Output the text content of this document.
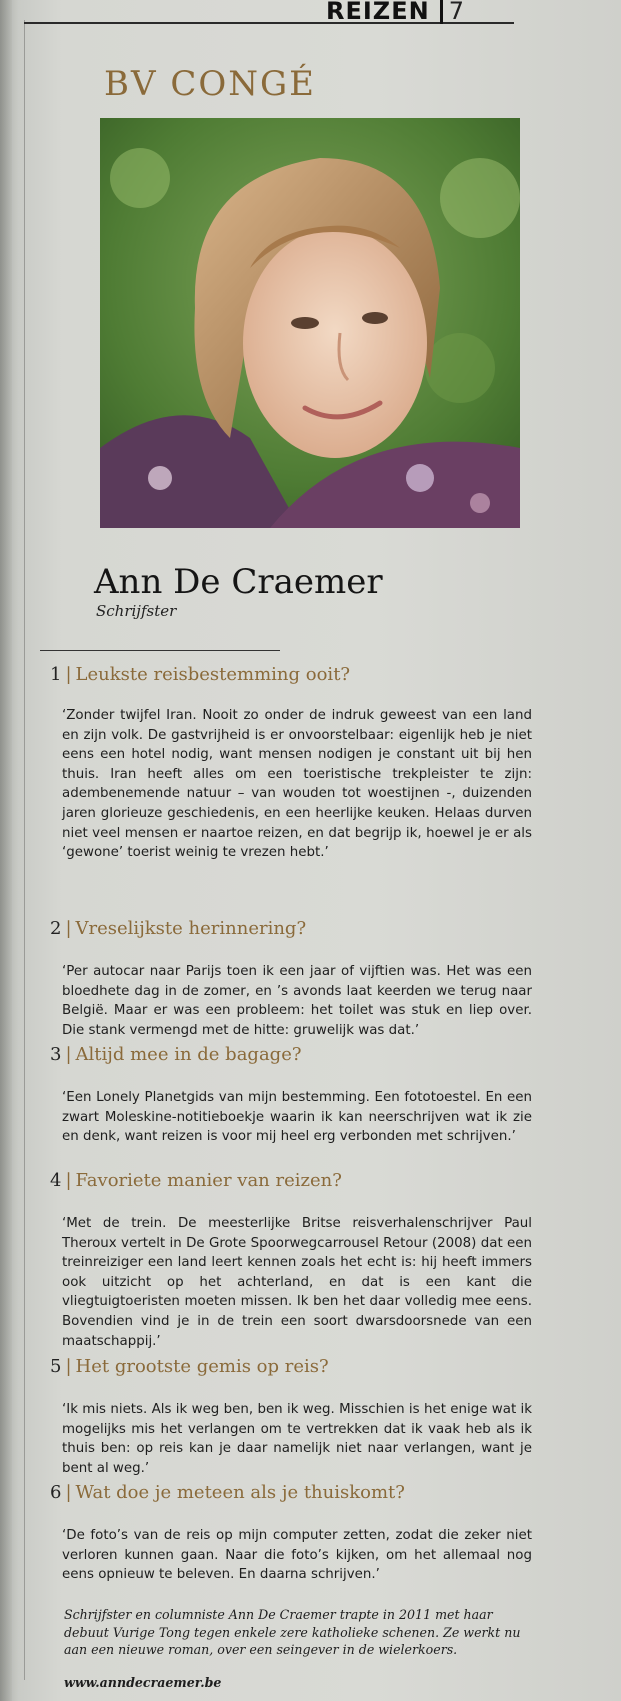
REIZEN 7
BV CONGÉ
Ann De Craemer
Schrijfster
1 | Leukste reisbestemming ooit?

‘Zonder twijfel Iran. Nooit zo onder de indruk geweest van een land en zijn volk. De gastvrijheid is er onvoorstelbaar: eigenlijk heb je niet eens een hotel nodig, want mensen nodigen je constant uit bij hen thuis. Iran heeft alles om een toeristische trekpleister te zijn: adembenemende natuur – van wouden tot woestijnen -, duizenden jaren glorieuze geschiedenis, en een heerlijke keuken. Helaas durven niet veel mensen er naartoe reizen, en dat begrijp ik, hoewel je er als ‘gewone’ toerist weinig te vrezen hebt.’

2 | Vreselijkste herinnering?

‘Per autocar naar Parijs toen ik een jaar of vijftien was. Het was een bloedhete dag in de zomer, en ’s avonds laat keerden we terug naar België. Maar er was een probleem: het toilet was stuk en liep over. Die stank vermengd met de hitte: gruwelijk was dat.’

3 | Altijd mee in de bagage?

‘Een Lonely Planetgids van mijn bestemming. Een fototoestel. En een zwart Moleskine-notitieboekje waarin ik kan neerschrijven wat ik zie en denk, want reizen is voor mij heel erg verbonden met schrijven.’

4 | Favoriete manier van reizen?

‘Met de trein. De meesterlijke Britse reisverhalenschrijver Paul Theroux vertelt in De Grote Spoorwegcarrousel Retour (2008) dat een treinreiziger een land leert kennen zoals het echt is: hij heeft immers ook uitzicht op het achterland, en dat is een kant die vliegtuigtoeristen moeten missen. Ik ben het daar volledig mee eens. Bovendien vind je in de trein een soort dwarsdoorsnede van een maatschappij.’

5 | Het grootste gemis op reis?

‘Ik mis niets. Als ik weg ben, ben ik weg. Misschien is het enige wat ik mogelijks mis het verlangen om te vertrekken dat ik vaak heb als ik thuis ben: op reis kan je daar namelijk niet naar verlangen, want je bent al weg.’

6 | Wat doe je meteen als je thuiskomt?

‘De foto’s van de reis op mijn computer zetten, zodat die zeker niet verloren kunnen gaan. Naar die foto’s kijken, om het allemaal nog eens opnieuw te beleven. En daarna schrijven.’

Schrijfster en columniste Ann De Craemer trapte in 2011 met haar debuut Vurige Tong tegen enkele zere katholieke schenen. Ze werkt nu aan een nieuwe roman, over een seingever in de wielerkoers.

www.anndecraemer.be
